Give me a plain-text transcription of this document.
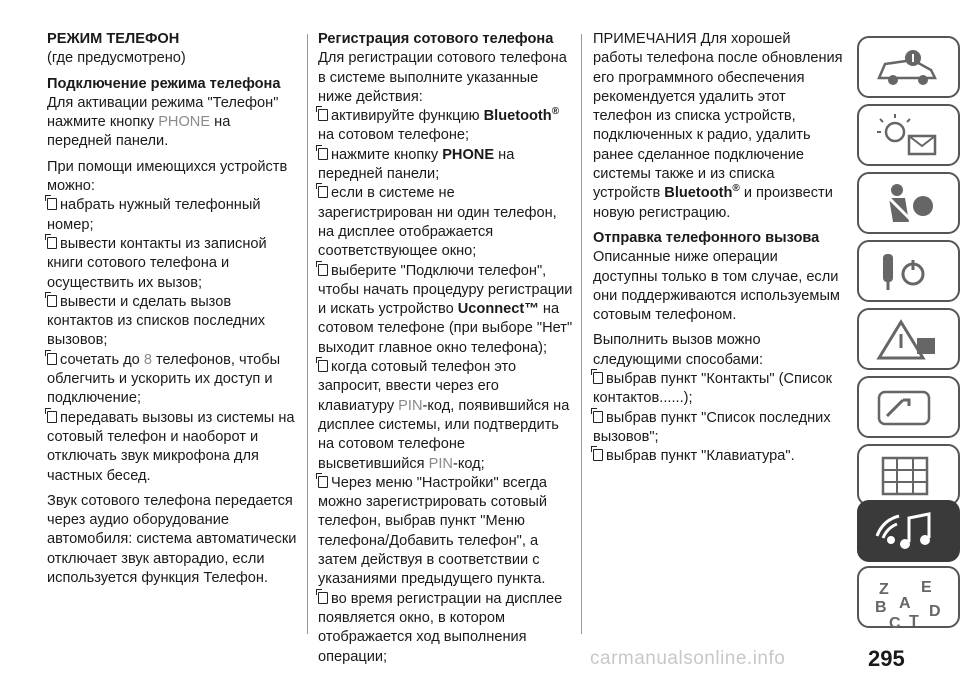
РЕЖИМ ТЕЛЕФОН
(где предусмотрено)
Подключение режима телефона
Для активации режима "Телефон" нажмите кнопку PHONE на передней панели.
При помощи имеющихся устройств можно:
набрать нужный телефонный номер;
вывести контакты из записной книги сотового телефона и осуществить их вызов;
вывести и сделать вызов контактов из списков последних вызовов;
сочетать до 8 телефонов, чтобы облегчить и ускорить их доступ и подключение;
передавать вызовы из системы на сотовый телефон и наоборот и отключать звук микрофона для частных бесед.
Звук сотового телефона передается через аудио оборудование автомобиля: система автоматически отключает звук авторадио, если используется функция Телефон.
Регистрация сотового телефона
Для регистрации сотового телефона в системе выполните указанные ниже действия:
активируйте функцию Bluetooth® на сотовом телефоне;
нажмите кнопку PHONE на передней панели;
если в системе не зарегистрирован ни один телефон, на дисплее отображается соответствующее окно;
выберите "Подключи телефон", чтобы начать процедуру регистрации и искать устройство Uconnect™ на сотовом телефоне (при выборе "Нет" выходит главное окно телефона);
когда сотовый телефон это запросит, ввести через его клавиатуру PIN-код, появившийся на дисплее системы, или подтвердить на сотовом телефоне высветившийся PIN-код;
Через меню "Настройки" всегда можно зарегистрировать сотовый телефон, выбрав пункт "Меню телефона/Добавить телефон", а затем действуя в соответствии с указаниями предыдущего пункта.
во время регистрации на дисплее появляется окно, в котором отображается ход выполнения операции;
ПРИМЕЧАНИЯ Для хорошей работы телефона после обновления его программного обеспечения рекомендуется удалить этот телефон из списка устройств, подключенных к радио, удалить ранее сделанное подключение системы также и из списка устройств Bluetooth® и произвести новую регистрацию.
Отправка телефонного вызова
Описанные ниже операции доступны только в том случае, если они поддерживаются используемым сотовым телефоном.
Выполнить вызов можно следующими способами:
выбрав пункт "Контакты" (Список контактов......);
выбрав пункт "Список последних вызовов";
выбрав пункт "Клавиатура".
Z E
B A D
C T
carmanualsonline.info	295
